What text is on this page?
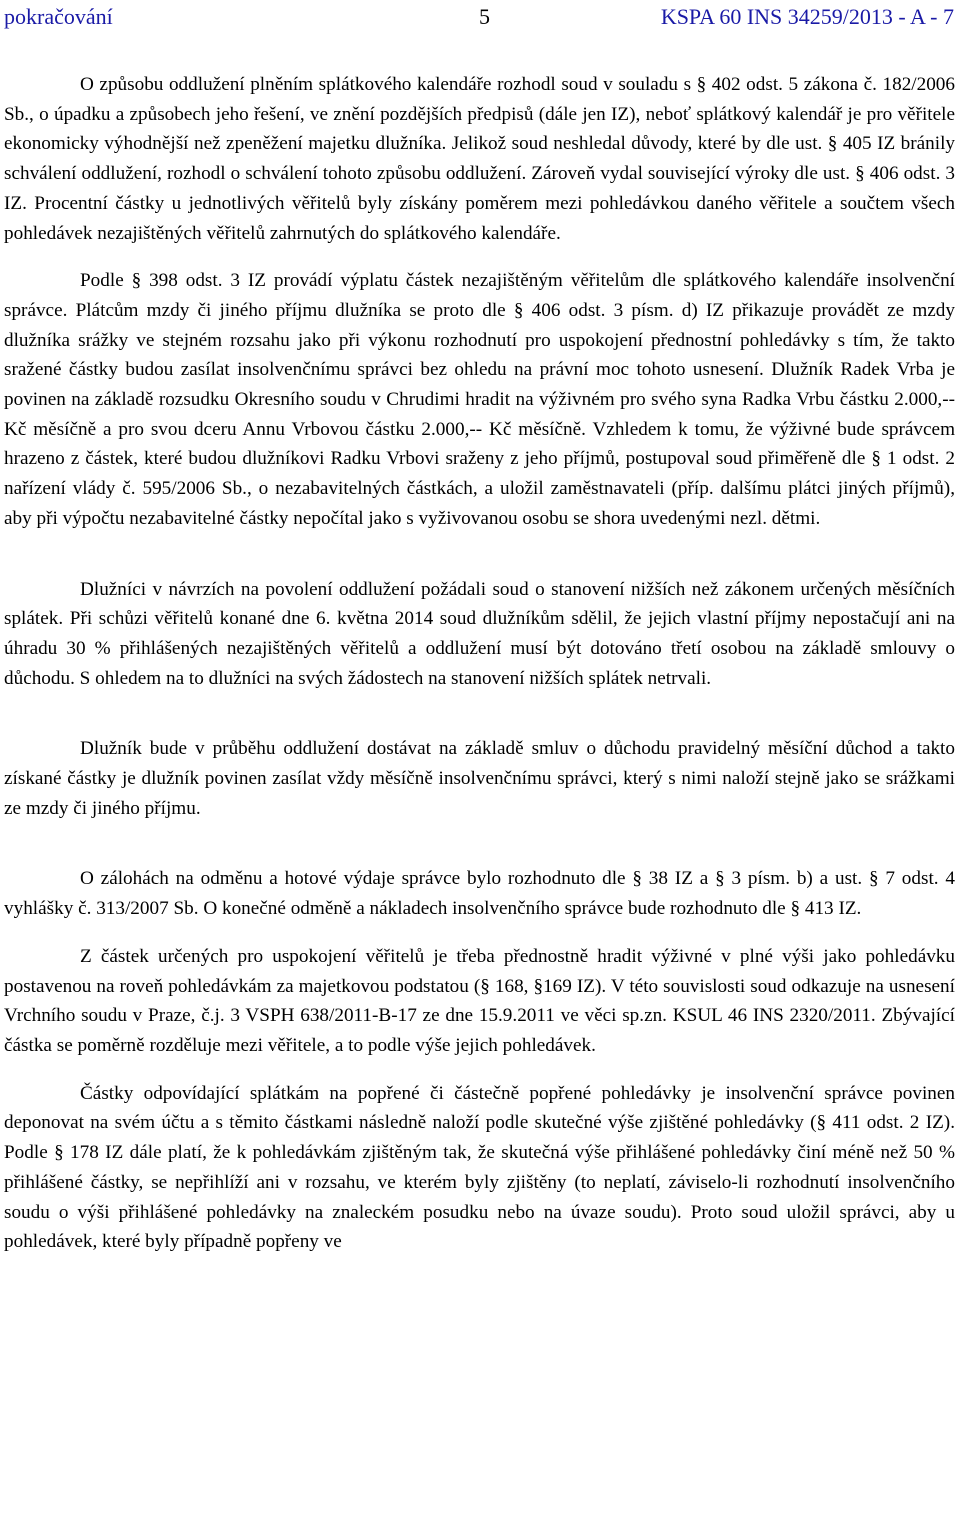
pokračování	5	KSPA 60 INS 34259/2013 - A - 7

O způsobu oddlužení plněním splátkového kalendáře rozhodl soud v souladu s § 402 odst. 5 zákona č. 182/2006 Sb., o úpadku a způsobech jeho řešení, ve znění pozdějších předpisů (dále jen IZ), neboť splátkový kalendář je pro věřitele ekonomicky výhodnější než zpeněžení majetku dlužníka. Jelikož soud neshledal důvody, které by dle ust. § 405 IZ bránily schválení oddlužení, rozhodl o schválení tohoto způsobu oddlužení. Zároveň vydal související výroky dle ust. § 406 odst. 3 IZ. Procentní částky u jednotlivých věřitelů byly získány poměrem mezi pohledávkou daného věřitele a součtem všech pohledávek nezajištěných věřitelů zahrnutých do splátkového kalendáře.

Podle § 398 odst. 3 IZ provádí výplatu částek nezajištěným věřitelům dle splátkového kalendáře insolvenční správce. Plátcům mzdy či jiného příjmu dlužníka se proto dle § 406 odst. 3 písm. d) IZ přikazuje provádět ze mzdy dlužníka srážky ve stejném rozsahu jako při výkonu rozhodnutí pro uspokojení přednostní pohledávky s tím, že takto sražené částky budou zasílat insolvenčnímu správci bez ohledu na právní moc tohoto usnesení. Dlužník Radek Vrba je povinen na základě rozsudku Okresního soudu v Chrudimi hradit na výživném pro svého syna Radka Vrbu částku 2.000,-- Kč měsíčně a pro svou dceru Annu Vrbovou částku 2.000,-- Kč měsíčně. Vzhledem k tomu, že výživné bude správcem hrazeno z částek, které budou dlužníkovi Radku Vrbovi sraženy z jeho příjmů, postupoval soud přiměřeně dle § 1 odst. 2 nařízení vlády č. 595/2006 Sb., o nezabavitelných částkách, a uložil zaměstnavateli (příp. dalšímu plátci jiných příjmů), aby při výpočtu nezabavitelné částky nepočítal jako s vyživovanou osobu se shora uvedenými nezl. dětmi.

Dlužníci v návrzích na povolení oddlužení požádali soud o stanovení nižších než zákonem určených měsíčních splátek. Při schůzi věřitelů konané dne 6. května 2014 soud dlužníkům sdělil, že jejich vlastní příjmy nepostačují ani na úhradu 30 % přihlášených nezajištěných věřitelů a oddlužení musí být dotováno třetí osobou na základě smlouvy o důchodu. S ohledem na to dlužníci na svých žádostech na stanovení nižších splátek netrvali.

Dlužník bude v průběhu oddlužení dostávat na základě smluv o důchodu pravidelný měsíční důchod a takto získané částky je dlužník povinen zasílat vždy měsíčně insolvenčnímu správci, který s nimi naloží stejně jako se srážkami ze mzdy či jiného příjmu.

O zálohách na odměnu a hotové výdaje správce bylo rozhodnuto dle § 38 IZ a § 3 písm. b) a ust. § 7 odst. 4 vyhlášky č. 313/2007 Sb. O konečné odměně a nákladech insolvenčního správce bude rozhodnuto dle § 413 IZ.

Z částek určených pro uspokojení věřitelů je třeba přednostně hradit výživné v plné výši jako pohledávku postavenou na roveň pohledávkám za majetkovou podstatou (§ 168, §169 IZ). V této souvislosti soud odkazuje na usnesení Vrchního soudu v Praze, č.j. 3 VSPH 638/2011-B-17 ze dne 15.9.2011 ve věci sp.zn. KSUL 46 INS 2320/2011. Zbývající částka se poměrně rozděluje mezi věřitele, a to podle výše jejich pohledávek.

Částky odpovídající splátkám na popřené či částečně popřené pohledávky je insolvenční správce povinen deponovat na svém účtu a s těmito částkami následně naloží podle skutečné výše zjištěné pohledávky (§ 411 odst. 2 IZ). Podle § 178 IZ dále platí, že k pohledávkám zjištěným tak, že skutečná výše přihlášené pohledávky činí méně než 50 % přihlášené částky, se nepřihlíží ani v rozsahu, ve kterém byly zjištěny (to neplatí, záviselo-li rozhodnutí insolvenčního soudu o výši přihlášené pohledávky na znaleckém posudku nebo na úvaze soudu). Proto soud uložil správci, aby u pohledávek, které byly případně popřeny ve
